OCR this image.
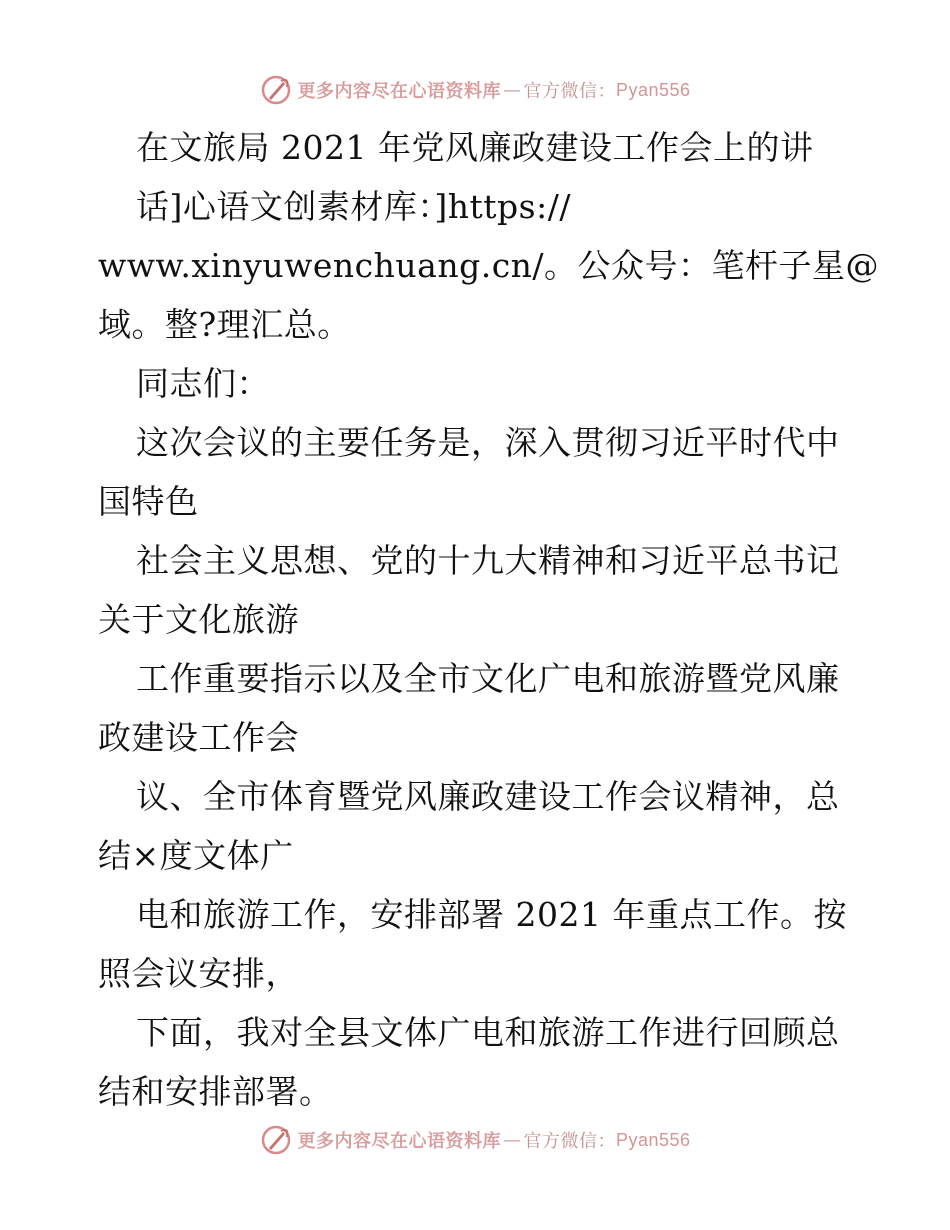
更多内容尽在心语资料库 — 官方微信： Pyan556
在文旅局 2021 年党风廉政建设工作会上的讲
话]心语文创素材库：]https://
www.xinyuwenchuang.cn/。公众号：笔杆子星@
域。整?理汇总。
同志们：
这次会议的主要任务是，深入贯彻习近平时代中
国特色
社会主义思想、党的十九大精神和习近平总书记
关于文化旅游
工作重要指示以及全市文化广电和旅游暨党风廉
政建设工作会
议、全市体育暨党风廉政建设工作会议精神，总
结×度文体广
电和旅游工作，安排部署 2021 年重点工作。按
照会议安排，
下面，我对全县文体广电和旅游工作进行回顾总
结和安排部署。
更多内容尽在心语资料库 — 官方微信： Pyan556
